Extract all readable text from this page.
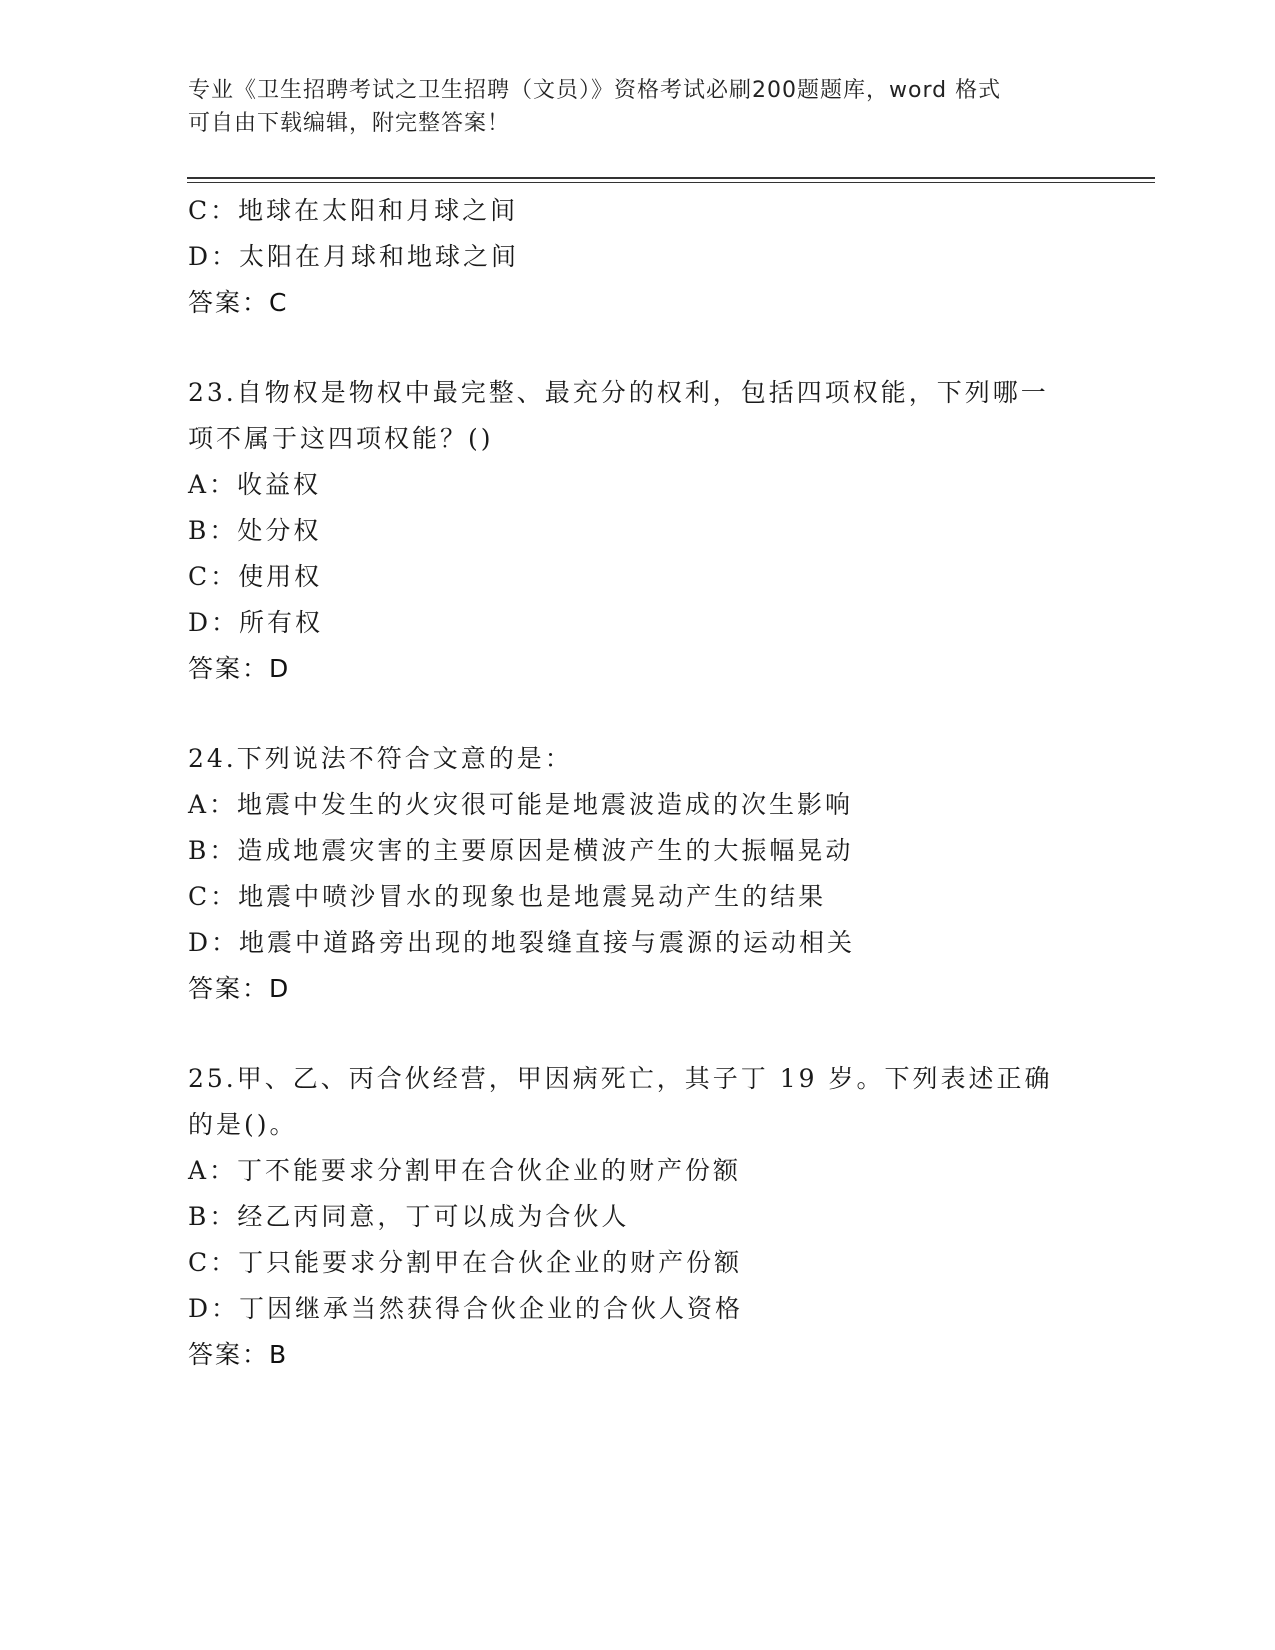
专业《卫生招聘考试之卫生招聘（文员）》资格考试必刷200题题库，word 格式
可自由下载编辑，附完整答案！
C：地球在太阳和月球之间
D：太阳在月球和地球之间
答案：C
23.自物权是物权中最完整、最充分的权利，包括四项权能，下列哪一
项不属于这四项权能？()
A：收益权
B：处分权
C：使用权
D：所有权
答案：D
24.下列说法不符合文意的是：
A：地震中发生的火灾很可能是地震波造成的次生影响
B：造成地震灾害的主要原因是横波产生的大振幅晃动
C：地震中喷沙冒水的现象也是地震晃动产生的结果
D：地震中道路旁出现的地裂缝直接与震源的运动相关
答案：D
25.甲、乙、丙合伙经营，甲因病死亡，其子丁 19 岁。下列表述正确
的是()。
A：丁不能要求分割甲在合伙企业的财产份额
B：经乙丙同意，丁可以成为合伙人
C：丁只能要求分割甲在合伙企业的财产份额
D：丁因继承当然获得合伙企业的合伙人资格
答案：B
